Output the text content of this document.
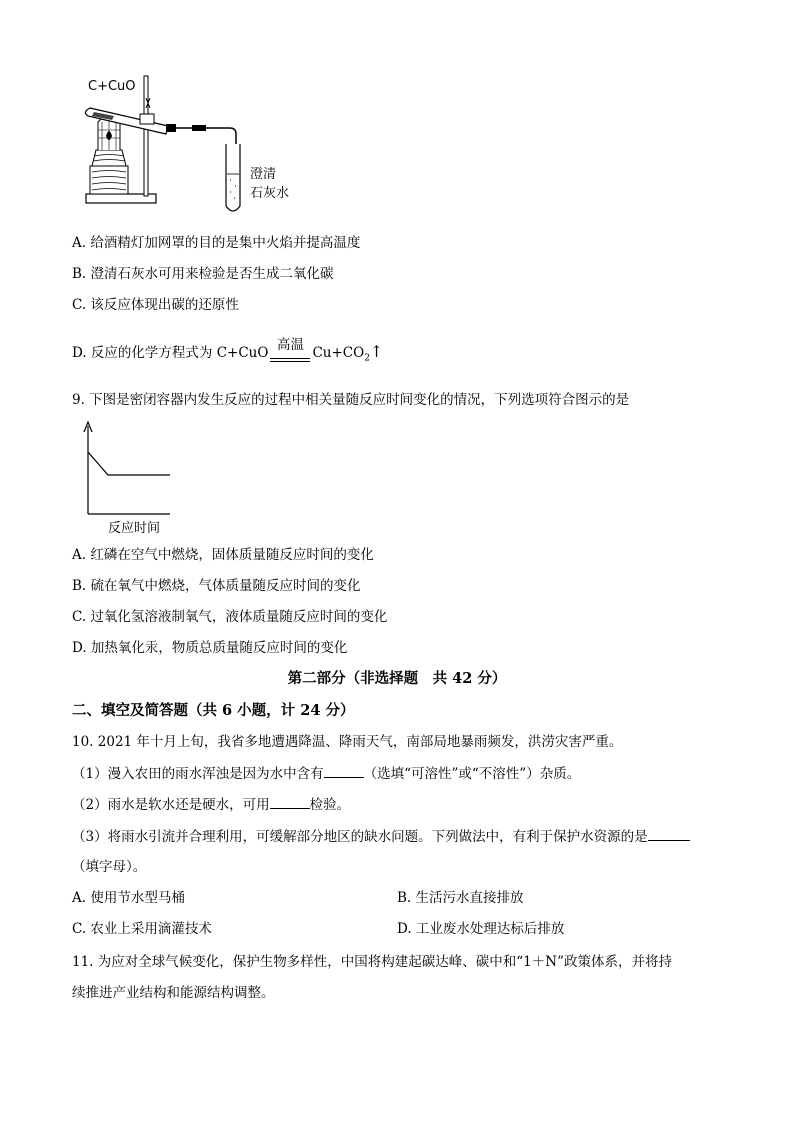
C+CuO
澄清
石灰水
A. 给酒精灯加网罩的目的是集中火焰并提高温度
B. 澄清石灰水可用来检验是否生成二氧化碳
C. 该反应体现出碳的还原性
D. 反应的化学方程式为 C+CuO
高温
$Cu+CO_2↑$
9. 下图是密闭容器内发生反应的过程中相关量随反应时间变化的情况，下列选项符合图示的是
反应时间
A. 红磷在空气中燃烧，固体质量随反应时间的变化
B. 硫在氧气中燃烧，气体质量随反应时间的变化
C. 过氧化氢溶液制氧气，液体质量随反应时间的变化
D. 加热氧化汞，物质总质量随反应时间的变化
第二部分（非选择题　共 42 分）
二、填空及简答题（共 6 小题，计 24 分）
10. 2021 年十月上旬，我省多地遭遇降温、降雨天气，南部局地暴雨频发，洪涝灾害严重。
（1）漫入农田的雨水浑浊是因为水中含有	（选填“可溶性”或“不溶性”）杂质。
（2）雨水是软水还是硬水，可用	检验。
（3）将雨水引流并合理利用，可缓解部分地区的缺水问题。下列做法中，有利于保护水资源的是
（填字母）。
A. 使用节水型马桶	B. 生活污水直接排放
C. 农业上采用滴灌技术	D. 工业废水处理达标后排放
11. 为应对全球气候变化，保护生物多样性，中国将构建起碳达峰、碳中和“1＋N”政策体系，并将持
续推进产业结构和能源结构调整。
